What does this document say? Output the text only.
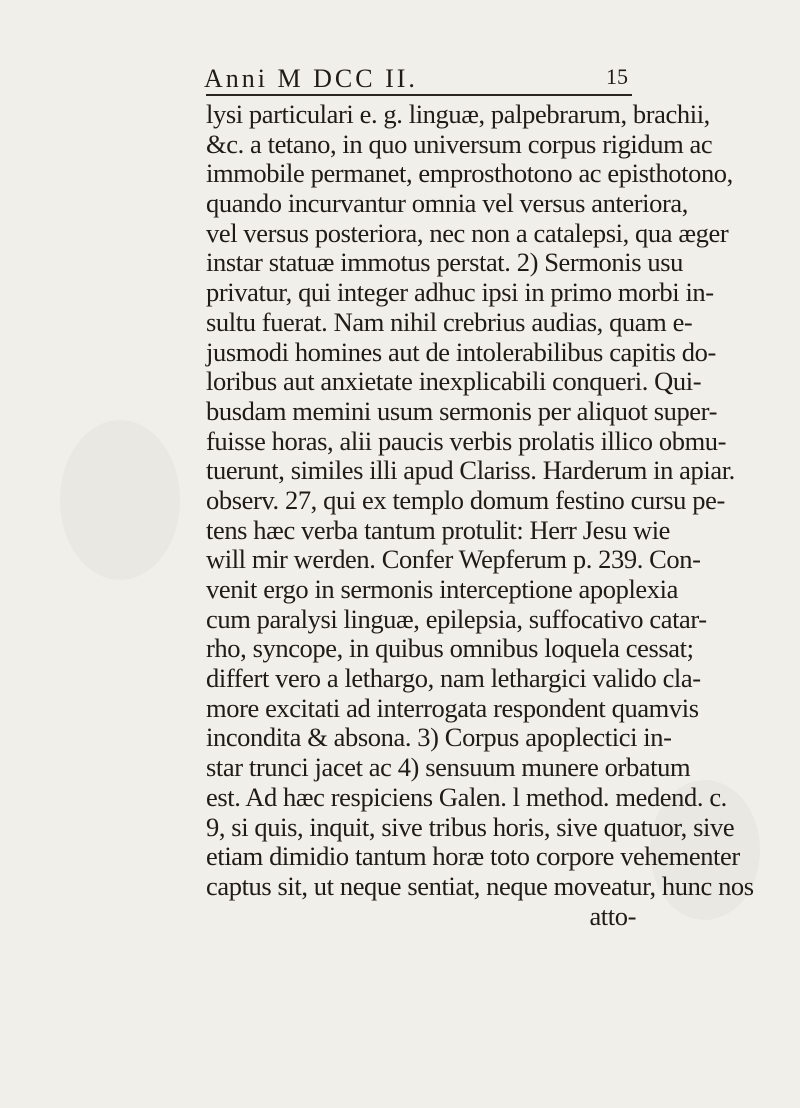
Anni M DCC II.	15
lysi particulari e. g. linguæ, palpebrarum, brachii,
&c. a tetano, in quo universum corpus rigidum ac
immobile permanet, emprosthotono ac episthotono,
quando incurvantur omnia vel versus anteriora,
vel versus posteriora, nec non a catalepsi, qua æger
instar statuæ immotus perstat. 2) Sermonis usu
privatur, qui integer adhuc ipsi in primo morbi in-
sultu fuerat. Nam nihil crebrius audias, quam e-
jusmodi homines aut de intolerabilibus capitis do-
loribus aut anxietate inexplicabili conqueri. Qui-
busdam memini usum sermonis per aliquot super-
fuisse horas, alii paucis verbis prolatis illico obmu-
tuerunt, similes illi apud Clariss. Harderum in apiar.
observ. 27, qui ex templo domum festino cursu pe-
tens hæc verba tantum protulit: Herr Jesu wie
will mir werden. Confer Wepferum p. 239. Con-
venit ergo in sermonis interceptione apoplexia
cum paralysi linguæ, epilepsia, suffocativo catar-
rho, syncope, in quibus omnibus loquela cessat;
differt vero a lethargo, nam lethargici valido cla-
more excitati ad interrogata respondent quamvis
incondita & absona. 3) Corpus apoplectici in-
star trunci jacet ac 4) sensuum munere orbatum
est. Ad hæc respiciens Galen. l method. medend. c.
9, si quis, inquit, sive tribus horis, sive quatuor, sive
etiam dimidio tantum horæ toto corpore vehementer
captus sit, ut neque sentiat, neque moveatur, hunc nos
atto-
